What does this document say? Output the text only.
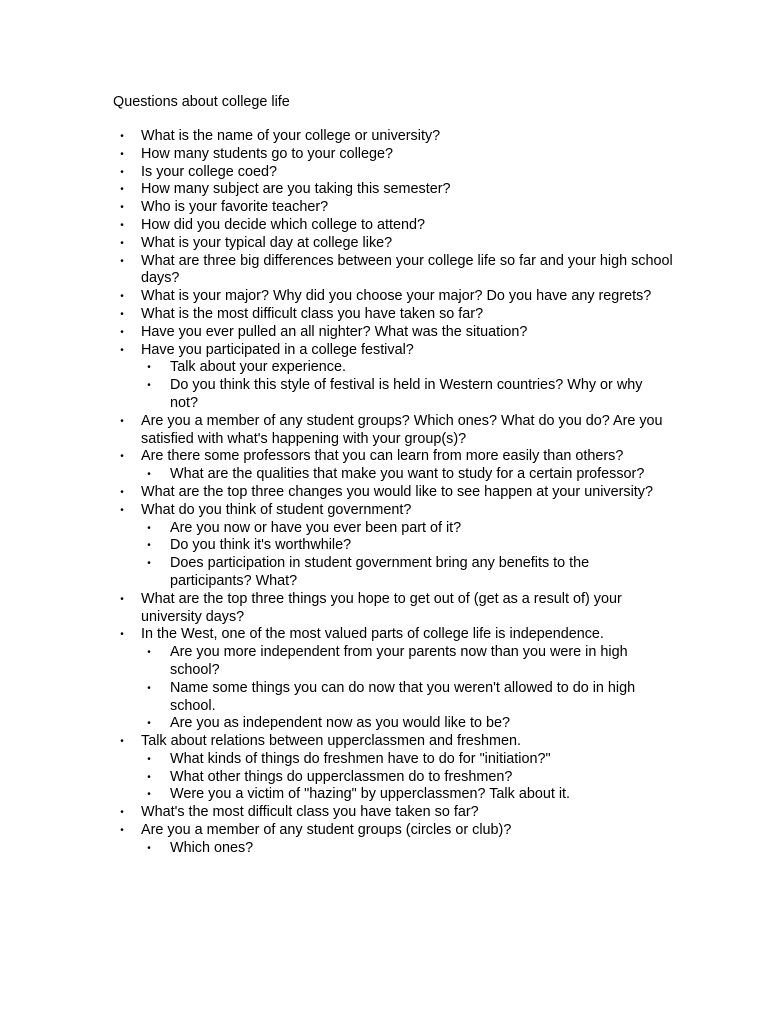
Questions about college life
• What is the name of your college or university?
• How many students go to your college?
• Is your college coed?
• How many subject are you taking this semester?
• Who is your favorite teacher?
• How did you decide which college to attend?
• What is your typical day at college like?
• What are three big differences between your college life so far and your high school days?
• What is your major? Why did you choose your major? Do you have any regrets?
• What is the most difficult class you have taken so far?
• Have you ever pulled an all nighter? What was the situation?
• Have you participated in a college festival?
• Talk about your experience.
• Do you think this style of festival is held in Western countries? Why or why not?
• Are you a member of any student groups? Which ones? What do you do? Are you satisfied with what's happening with your group(s)?
• Are there some professors that you can learn from more easily than others?
• What are the qualities that make you want to study for a certain professor?
• What are the top three changes you would like to see happen at your university?
• What do you think of student government?
• Are you now or have you ever been part of it?
• Do you think it's worthwhile?
• Does participation in student government bring any benefits to the participants? What?
• What are the top three things you hope to get out of (get as a result of) your university days?
• In the West, one of the most valued parts of college life is independence.
• Are you more independent from your parents now than you were in high school?
• Name some things you can do now that you weren't allowed to do in high school.
• Are you as independent now as you would like to be?
• Talk about relations between upperclassmen and freshmen.
• What kinds of things do freshmen have to do for "initiation?"
• What other things do upperclassmen do to freshmen?
• Were you a victim of "hazing" by upperclassmen? Talk about it.
• What's the most difficult class you have taken so far?
• Are you a member of any student groups (circles or club)?
• Which ones?
